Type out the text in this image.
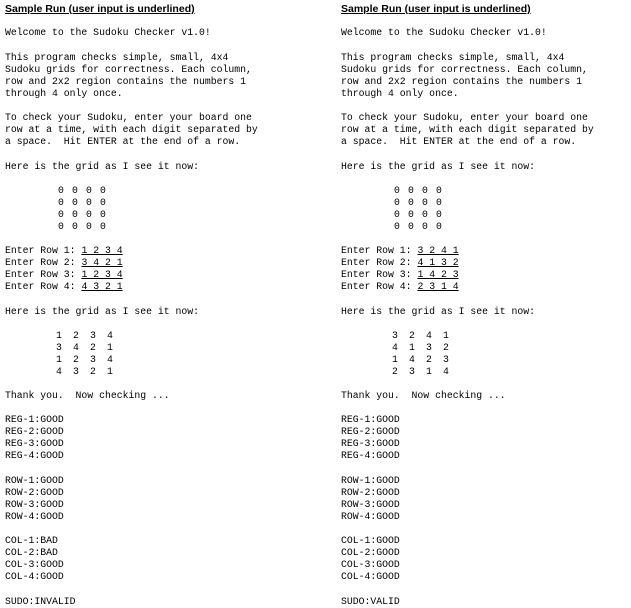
Sample Run (user input is underlined)
Welcome to the Sudoku Checker v1.0!
This program checks simple, small, 4x4
Sudoku grids for correctness. Each column,
row and 2x2 region contains the numbers 1
through 4 only once.
To check your Sudoku, enter your board one
row at a time, with each digit separated by
a space.  Hit ENTER at the end of a row.
Here is the grid as I see it now:
0 0 0 0
0 0 0 0
0 0 0 0
0 0 0 0
Enter Row 1: 1 2 3 4
Enter Row 2: 3 4 2 1
Enter Row 3: 1 2 3 4
Enter Row 4: 4 3 2 1
Here is the grid as I see it now:
1	2	3	4
3	4	2	1
1	2	3	4
4	3	2	1
Thank you.  Now checking ...
REG-1:GOOD
REG-2:GOOD
REG-3:GOOD
REG-4:GOOD
ROW-1:GOOD
ROW-2:GOOD
ROW-3:GOOD
ROW-4:GOOD
COL-1:BAD
COL-2:BAD
COL-3:GOOD
COL-4:GOOD
SUDO:INVALID
Sample Run (user input is underlined)
Welcome to the Sudoku Checker v1.0!
This program checks simple, small, 4x4
Sudoku grids for correctness. Each column,
row and 2x2 region contains the numbers 1
through 4 only once.
To check your Sudoku, enter your board one
row at a time, with each digit separated by
a space.  Hit ENTER at the end of a row.
Here is the grid as I see it now:
0 0 0 0
0 0 0 0
0 0 0 0
0 0 0 0
Enter Row 1: 3 2 4 1
Enter Row 2: 4 1 3 2
Enter Row 3: 1 4 2 3
Enter Row 4: 2 3 1 4
Here is the grid as I see it now:
3	2	4	1
4	1	3	2
1	4	2	3
2	3	1	4
Thank you.  Now checking ...
REG-1:GOOD
REG-2:GOOD
REG-3:GOOD
REG-4:GOOD
ROW-1:GOOD
ROW-2:GOOD
ROW-3:GOOD
ROW-4:GOOD
COL-1:GOOD
COL-2:GOOD
COL-3:GOOD
COL-4:GOOD
SUDO:VALID
